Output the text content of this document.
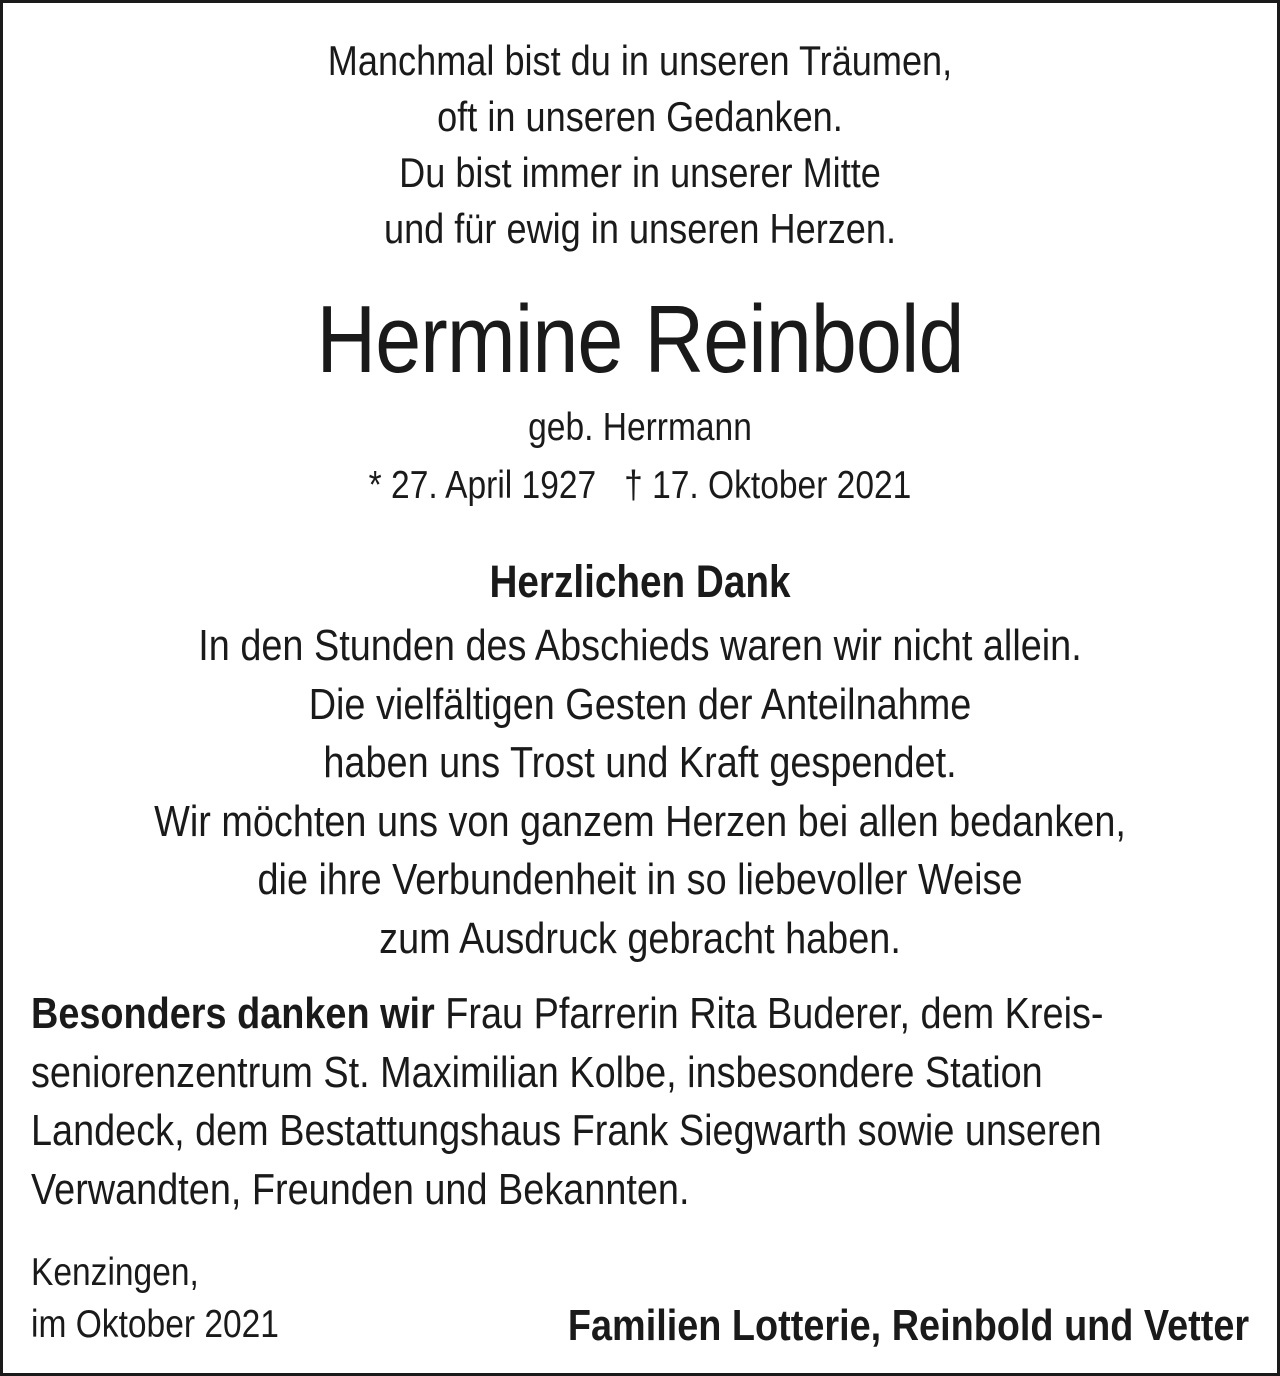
Manchmal bist du in unseren Träumen,

oft in unseren Gedanken.

Du bist immer in unserer Mitte

und für ewig in unseren Herzen.

Hermine Reinbold
geb. Herrmann
* 27. April 1927 † 17. Oktober 2021
Herzlichen Dank

In den Stunden des Abschieds waren wir nicht allein.

Die vielfältigen Gesten der Anteilnahme

haben uns Trost und Kraft gespendet.

Wir möchten uns von ganzem Herzen bei allen bedanken,

die ihre Verbundenheit in so liebevoller Weise

zum Ausdruck gebracht haben.

Besonders danken wir Frau Pfarrerin Rita Buderer, dem Kreis-
seniorenzentrum St. Maximilian Kolbe, insbesondere Station
Landeck, dem Bestattungshaus Frank Siegwarth sowie unseren
Verwandten, Freunden und Bekannten.

Kenzingen,
im Oktober 2021	Familien Lotterie, Reinbold und Vetter
